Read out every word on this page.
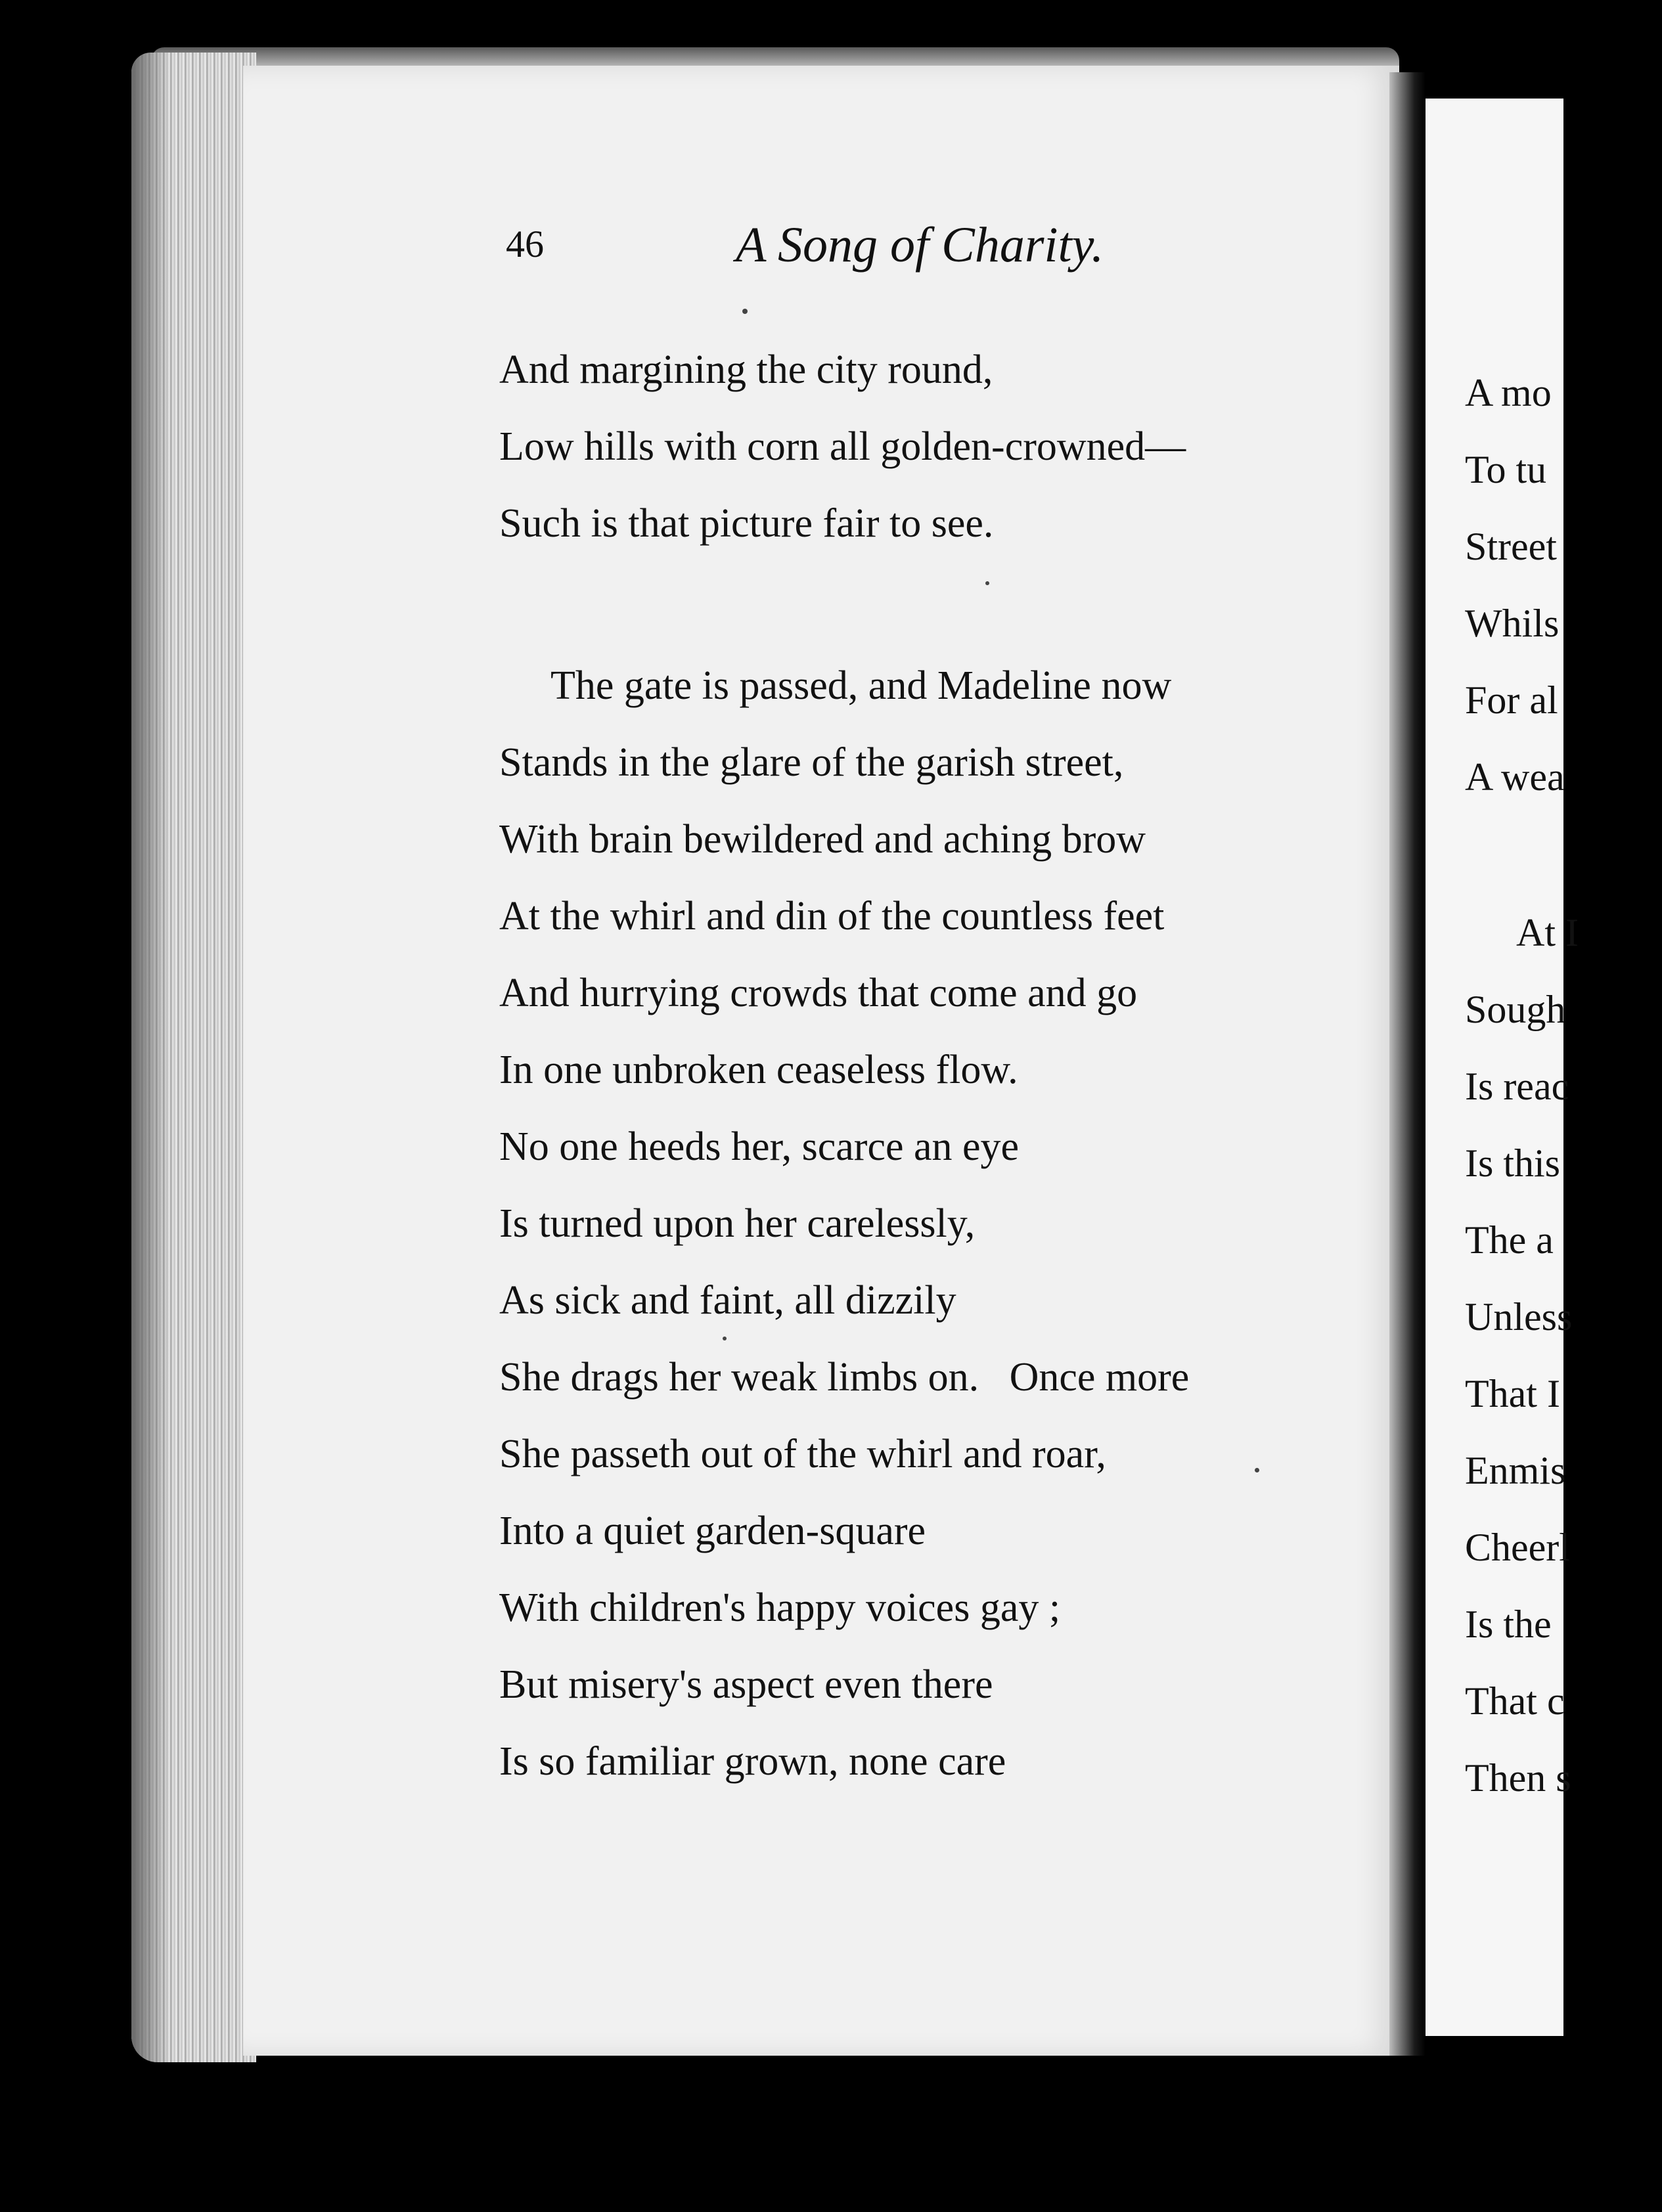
46	A Song of Charity.
And margining the city round,
Low hills with corn all golden-crowned—
Such is that picture fair to see.
The gate is passed, and Madeline now
Stands in the glare of the garish street,
With brain bewildered and aching brow
At the whirl and din of the countless feet
And hurrying crowds that come and go
In one unbroken ceaseless flow.
No one heeds her, scarce an eye
Is turned upon her carelessly,
As sick and faint, all dizzily
She drags her weak limbs on.   Once more
She passeth out of the whirl and roar,
Into a quiet garden-square
With children's happy voices gay ;
But misery's aspect even there
Is so familiar grown, none care
A mo
To tu
Street
Whils
For al
A wea
At I
Sough
Is reac
Is this
The a
Unless
That I
Enmis
Cheerl
Is the
That c
Then s
